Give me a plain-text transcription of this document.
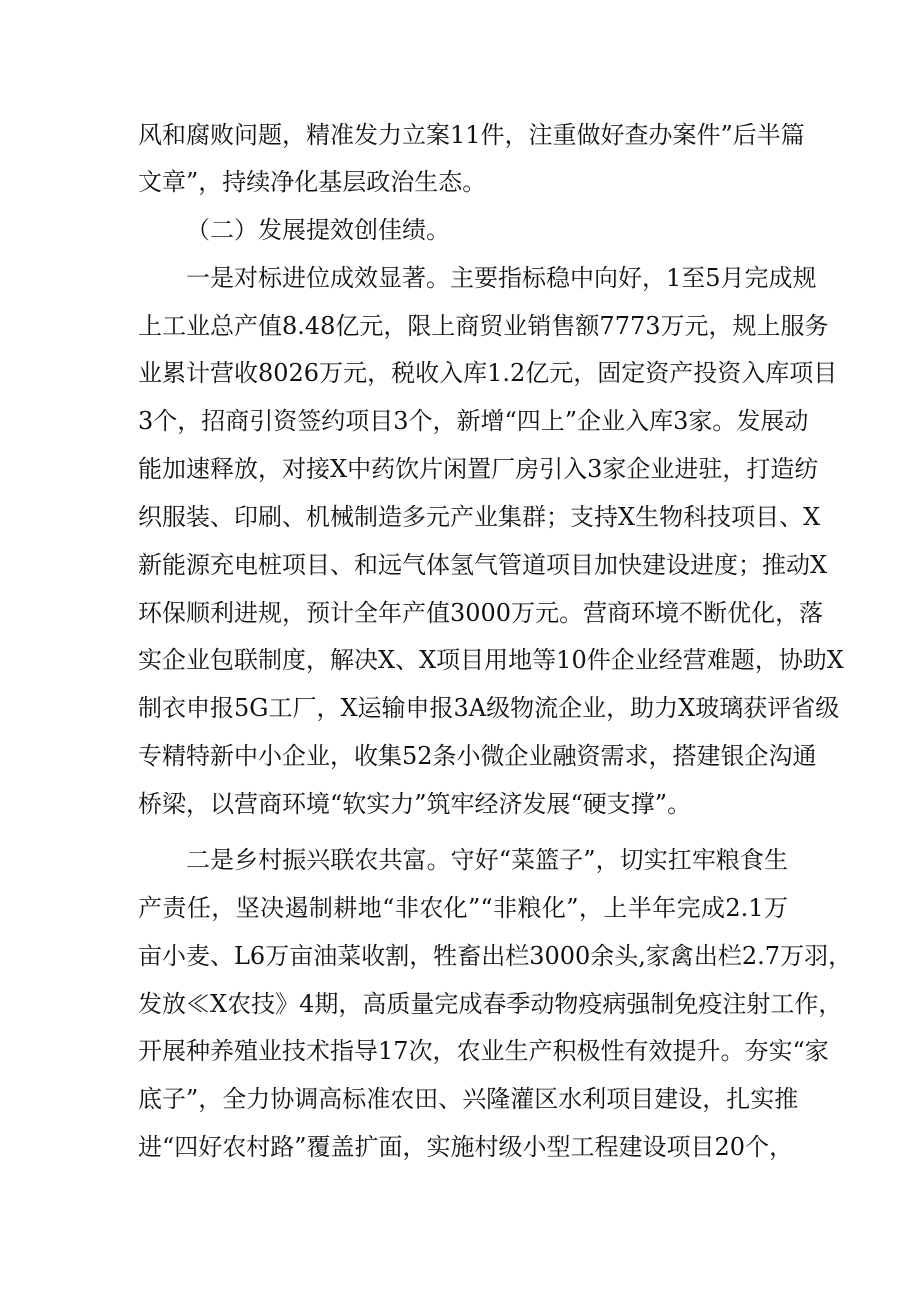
风和腐败问题，精准发力立案11件，注重做好查办案件”后半篇
文章”，持续净化基层政治生态。
（二）发展提效创佳绩。
一是对标进位成效显著。主要指标稳中向好，1至5月完成规
上工业总产值8.48亿元，限上商贸业销售额7773万元，规上服务
业累计营收8026万元，税收入库1.2亿元，固定资产投资入库项目
3个，招商引资签约项目3个，新增“四上”企业入库3家。发展动
能加速释放，对接X中药饮片闲置厂房引入3家企业进驻，打造纺
织服装、印刷、机械制造多元产业集群；支持X生物科技项目、X
新能源充电桩项目、和远气体氢气管道项目加快建设进度；推动X
环保顺利进规，预计全年产值3000万元。营商环境不断优化，落
实企业包联制度，解决X、X项目用地等10件企业经营难题，协助X
制衣申报5G工厂，X运输申报3A级物流企业，助力X玻璃获评省级
专精特新中小企业，收集52条小微企业融资需求，搭建银企沟通
桥梁，以营商环境“软实力”筑牢经济发展“硬支撑”。
二是乡村振兴联农共富。守好“菜篮子”，切实扛牢粮食生
产责任，坚决遏制耕地“非农化”“非粮化”，上半年完成2.1万
亩小麦、L6万亩油菜收割，牲畜出栏3000余头,家禽出栏2.7万羽，
发放≪X农技》4期，高质量完成春季动物疫病强制免疫注射工作，
开展种养殖业技术指导17次，农业生产积极性有效提升。夯实“家
底子”，全力协调高标准农田、兴隆灌区水利项目建设，扎实推
进“四好农村路”覆盖扩面，实施村级小型工程建设项目20个，
